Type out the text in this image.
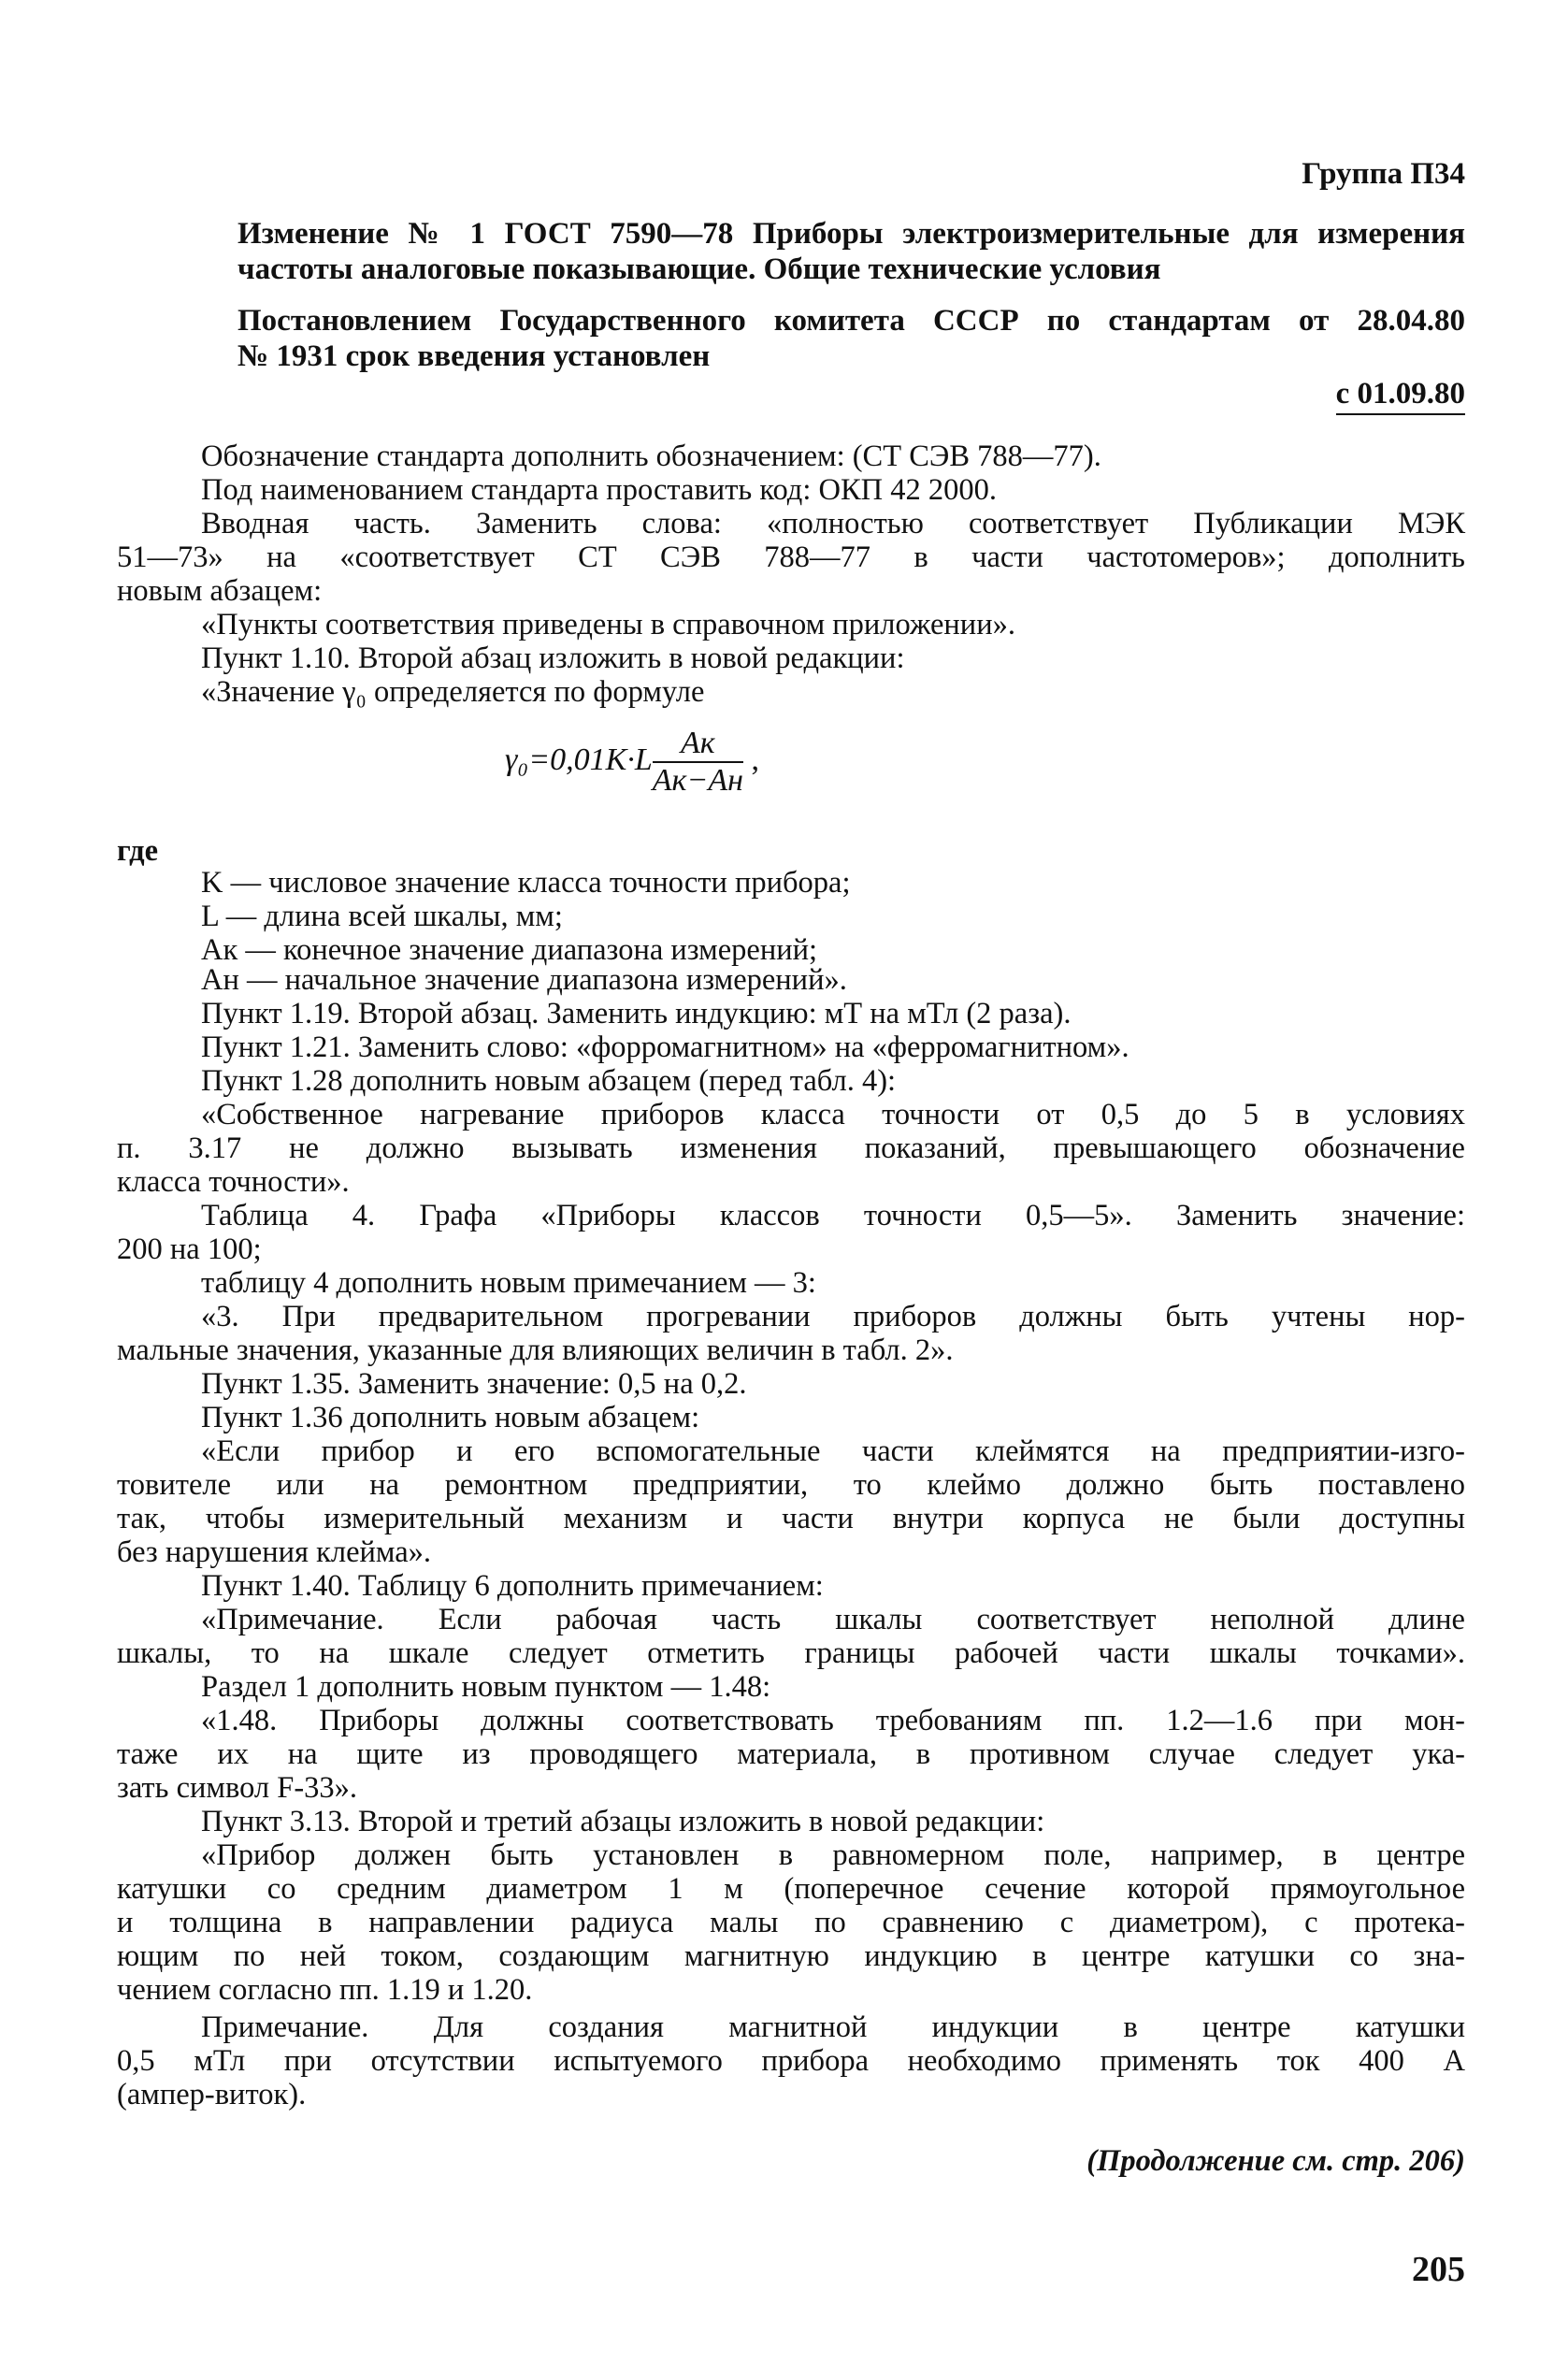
Группа П34
Изменение № 1 ГОСТ 7590—78 Приборы электроизмерительные для измерения
частоты аналоговые показывающие. Общие технические условия
Постановлением Государственного комитета СССР по стандартам от 28.04.80
№ 1931 срок введения установлен
с 01.09.80
Обозначение стандарта дополнить обозначением: (СТ СЭВ 788—77).
Под наименованием стандарта проставить код: ОКП 42 2000.
Вводная часть. Заменить слова: «полностью соответствует Публикации МЭК
51—73» на «соответствует СТ СЭВ 788—77 в части частотомеров»; дополнить
новым абзацем:
«Пункты соответствия приведены в справочном приложении».
Пункт 1.10. Второй абзац изложить в новой редакции:
«Значение γ₀ определяется по формуле
$\gamma_0=0,01K\cdot L \frac{Aк}{Aк-Aн}$ ,
где
K — числовое значение класса точности прибора;
L — длина всей шкалы, мм;
Aк — конечное значение диапазона измерений;
Aн — начальное значение диапазона измерений».
Пункт 1.19. Второй абзац. Заменить индукцию: мТ на мТл (2 раза).
Пункт 1.21. Заменить слово: «форромагнитном» на «ферромагнитном».
Пункт 1.28 дополнить новым абзацем (перед табл. 4):
«Собственное нагревание приборов класса точности от 0,5 до 5 в условиях
п. 3.17 не должно вызывать изменения показаний, превышающего обозначение
класса точности».
Таблица 4. Графа «Приборы классов точности 0,5—5». Заменить значение:
200 на 100;
таблицу 4 дополнить новым примечанием — 3:
«3. При предварительном прогревании приборов должны быть учтены нор-
мальные значения, указанные для влияющих величин в табл. 2».
Пункт 1.35. Заменить значение: 0,5 на 0,2.
Пункт 1.36 дополнить новым абзацем:
«Если прибор и его вспомогательные части клеймятся на предприятии-изго-
товителе или на ремонтном предприятии, то клеймо должно быть поставлено
так, чтобы измерительный механизм и части внутри корпуса не были доступны
без нарушения клейма».
Пункт 1.40. Таблицу 6 дополнить примечанием:
«Примечание. Если рабочая часть шкалы соответствует неполной длине
шкалы, то на шкале следует отметить границы рабочей части шкалы точками».
Раздел 1 дополнить новым пунктом — 1.48:
«1.48. Приборы должны соответствовать требованиям пп. 1.2—1.6 при мон-
таже их на щите из проводящего материала, в противном случае следует ука-
зать символ F-33».
Пункт 3.13. Второй и третий абзацы изложить в новой редакции:
«Прибор должен быть установлен в равномерном поле, например, в центре
катушки со средним диаметром 1 м (поперечное сечение которой прямоугольное
и толщина в направлении радиуса малы по сравнению с диаметром), с протека-
ющим по ней током, создающим магнитную индукцию в центре катушки со зна-
чением согласно пп. 1.19 и 1.20.
Примечание. Для создания магнитной индукции в центре катушки
0,5 мТл при отсутствии испытуемого прибора необходимо применять ток 400 А
(ампер-виток).
(Продолжение см. стр. 206)
205
